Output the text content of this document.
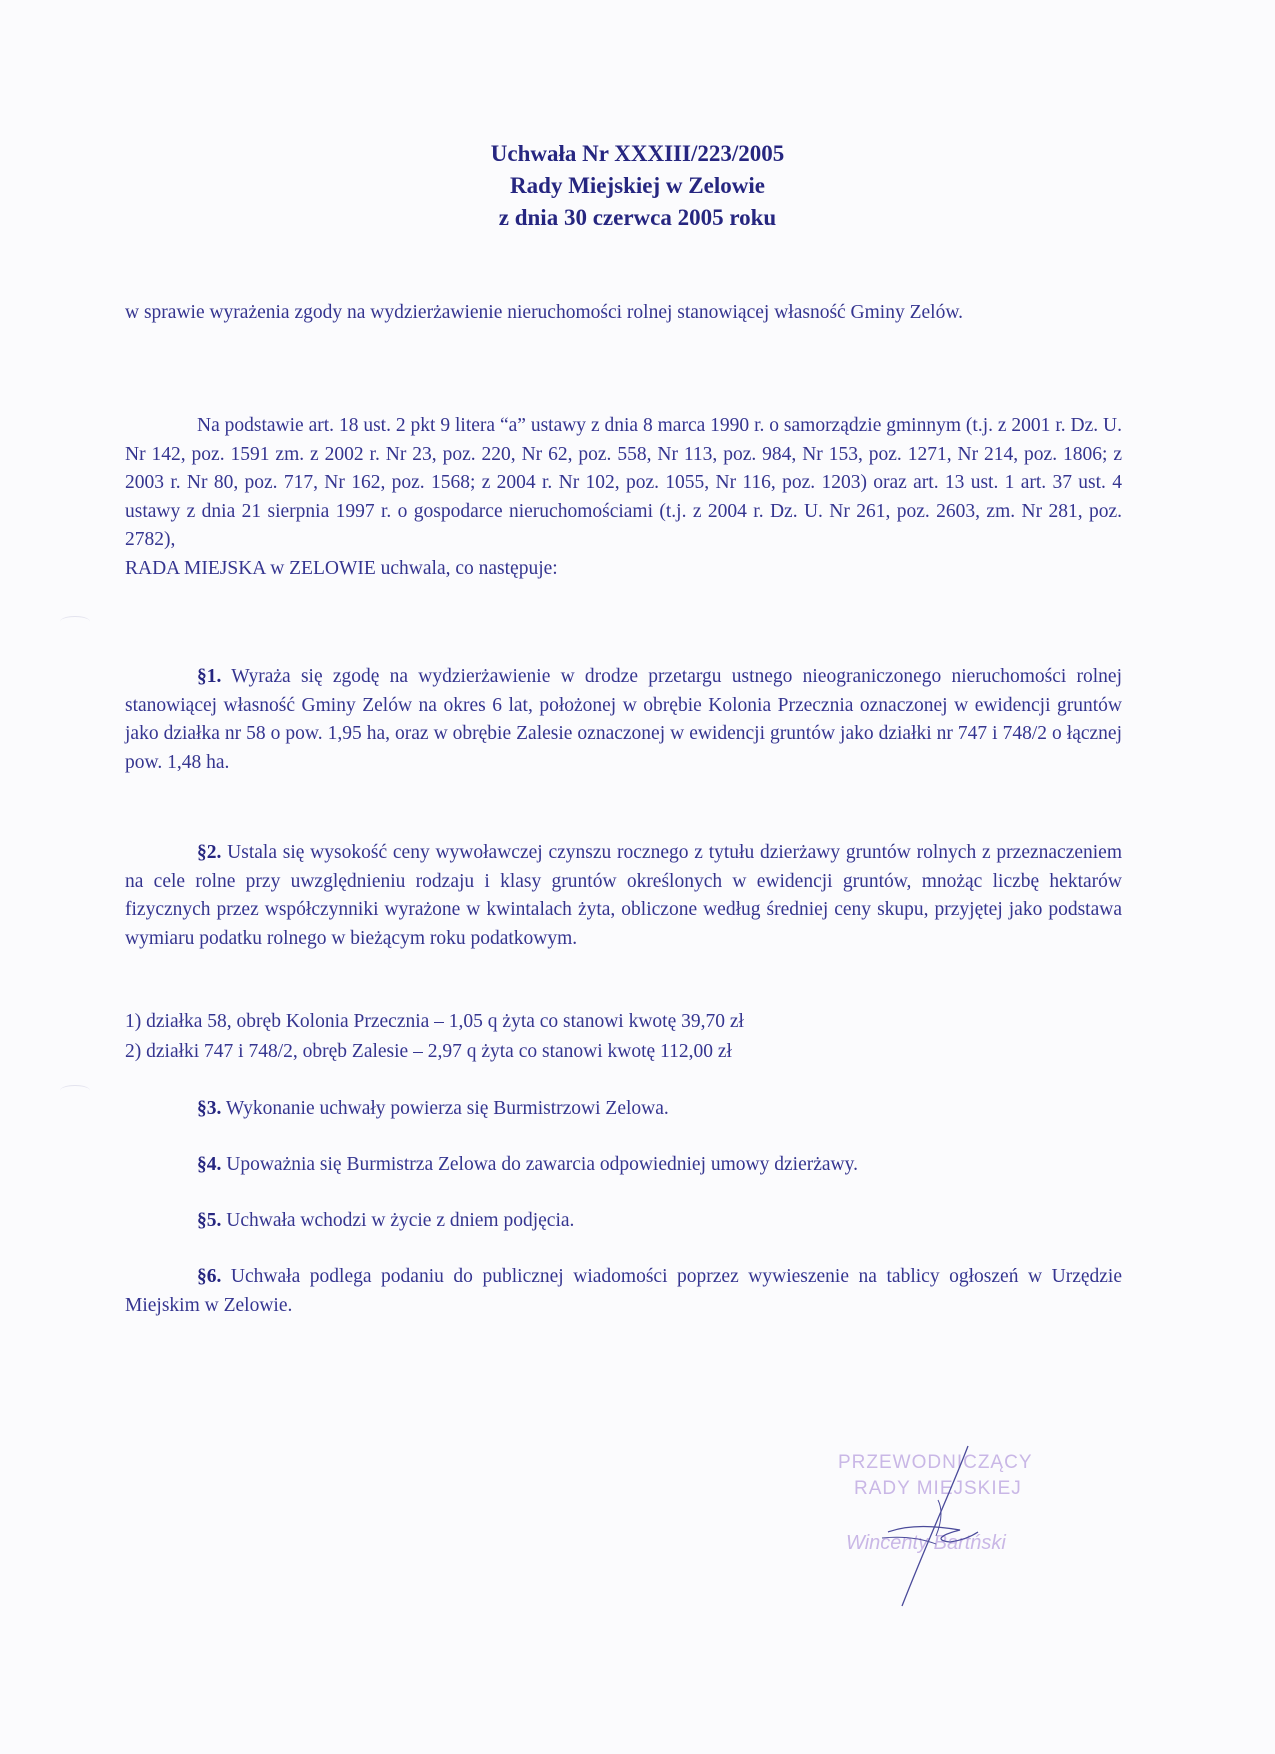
Uchwała Nr XXXIII/223/2005
Rady Miejskiej w Zelowie
z dnia 30 czerwca 2005 roku
w sprawie wyrażenia zgody na wydzierżawienie nieruchomości rolnej stanowiącej własność Gminy Zelów.
Na podstawie art. 18 ust. 2 pkt 9 litera “a” ustawy z dnia 8 marca 1990 r. o samorządzie gminnym (t.j. z 2001 r. Dz. U. Nr 142, poz. 1591 zm. z 2002 r. Nr 23, poz. 220, Nr 62, poz. 558, Nr 113, poz. 984, Nr 153, poz. 1271, Nr 214, poz. 1806; z 2003 r. Nr 80, poz. 717, Nr 162, poz. 1568; z 2004 r. Nr 102, poz. 1055, Nr 116, poz. 1203) oraz art. 13 ust. 1 art. 37 ust. 4 ustawy z dnia 21 sierpnia 1997 r. o gospodarce nieruchomościami (t.j. z 2004 r. Dz. U. Nr 261, poz. 2603, zm. Nr 281, poz. 2782),
RADA MIEJSKA w ZELOWIE uchwala, co następuje:
§1. Wyraża się zgodę na wydzierżawienie w drodze przetargu ustnego nieograniczonego nieruchomości rolnej stanowiącej własność Gminy Zelów na okres 6 lat, położonej w obrębie Kolonia Przecznia oznaczonej w ewidencji gruntów jako działka nr 58 o pow. 1,95 ha, oraz w obrębie Zalesie oznaczonej w ewidencji gruntów jako działki nr 747 i 748/2 o łącznej pow. 1,48 ha.
§2. Ustala się wysokość ceny wywoławczej czynszu rocznego z tytułu dzierżawy gruntów rolnych z przeznaczeniem na cele rolne przy uwzględnieniu rodzaju i klasy gruntów określonych w ewidencji gruntów, mnożąc liczbę hektarów fizycznych przez współczynniki wyrażone w kwintalach żyta, obliczone według średniej ceny skupu, przyjętej jako podstawa wymiaru podatku rolnego w bieżącym roku podatkowym.
1) działka 58, obręb Kolonia Przecznia – 1,05 q żyta co stanowi kwotę 39,70 zł
2) działki 747 i 748/2, obręb Zalesie – 2,97 q żyta co stanowi kwotę 112,00 zł
§3. Wykonanie uchwały powierza się Burmistrzowi Zelowa.
§4. Upoważnia się Burmistrza Zelowa do zawarcia odpowiedniej umowy dzierżawy.
§5. Uchwała wchodzi w życie z dniem podjęcia.
§6. Uchwała podlega podaniu do publicznej wiadomości poprzez wywieszenie na tablicy ogłoszeń w Urzędzie Miejskim w Zelowie.
PRZEWODNICZĄCY
RADY MIEJSKIEJ
Wincenty Bartński
